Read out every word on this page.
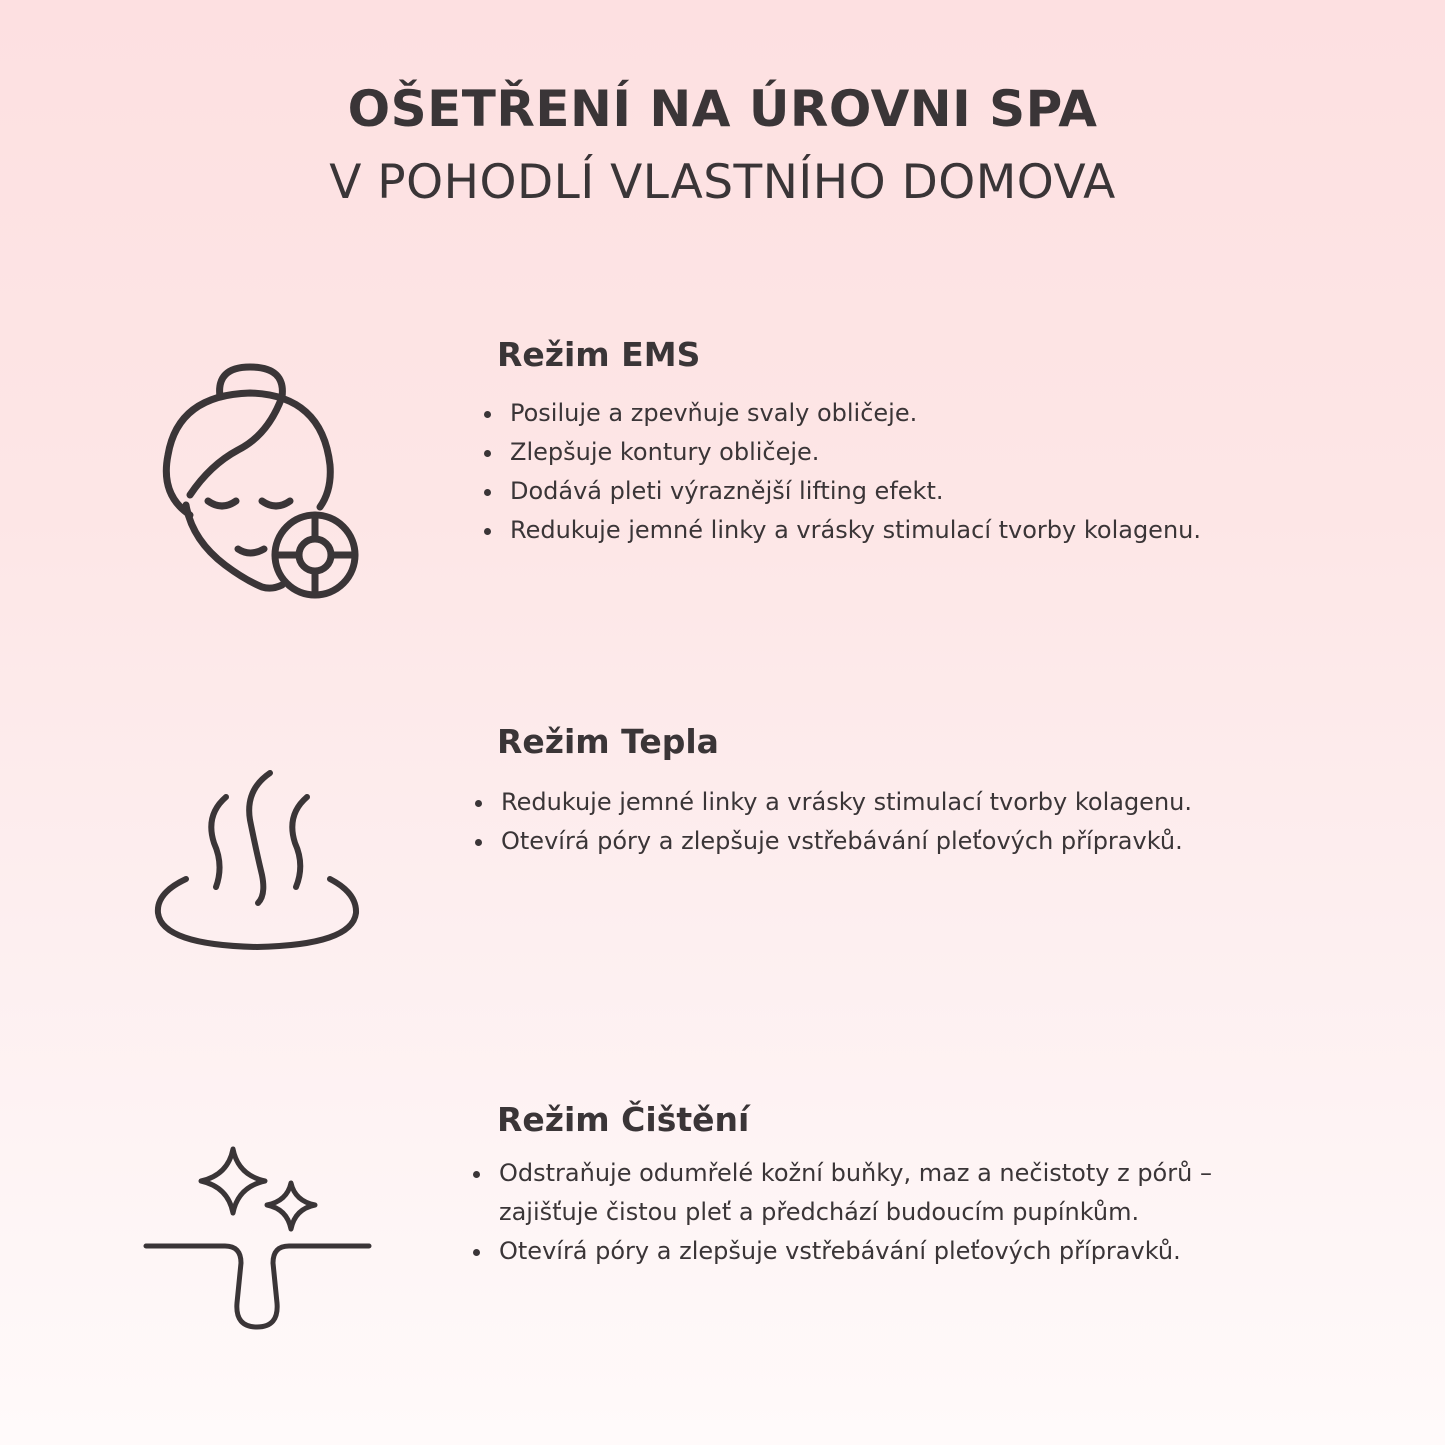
OŠETŘENÍ NA ÚROVNI SPA
V POHODLÍ VLASTNÍHO DOMOVA
Režim EMS
Posiluje a zpevňuje svaly obličeje.
Zlepšuje kontury obličeje.
Dodává pleti výraznější lifting efekt.
Redukuje jemné linky a vrásky stimulací tvorby kolagenu.
Režim Tepla
Redukuje jemné linky a vrásky stimulací tvorby kolagenu.
Otevírá póry a zlepšuje vstřebávání pleťových přípravků.
Režim Čištění
Odstraňuje odumřelé kožní buňky, maz a nečistoty z pórů –
zajišťuje čistou pleť a předchází budoucím pupínkům.
Otevírá póry a zlepšuje vstřebávání pleťových přípravků.
